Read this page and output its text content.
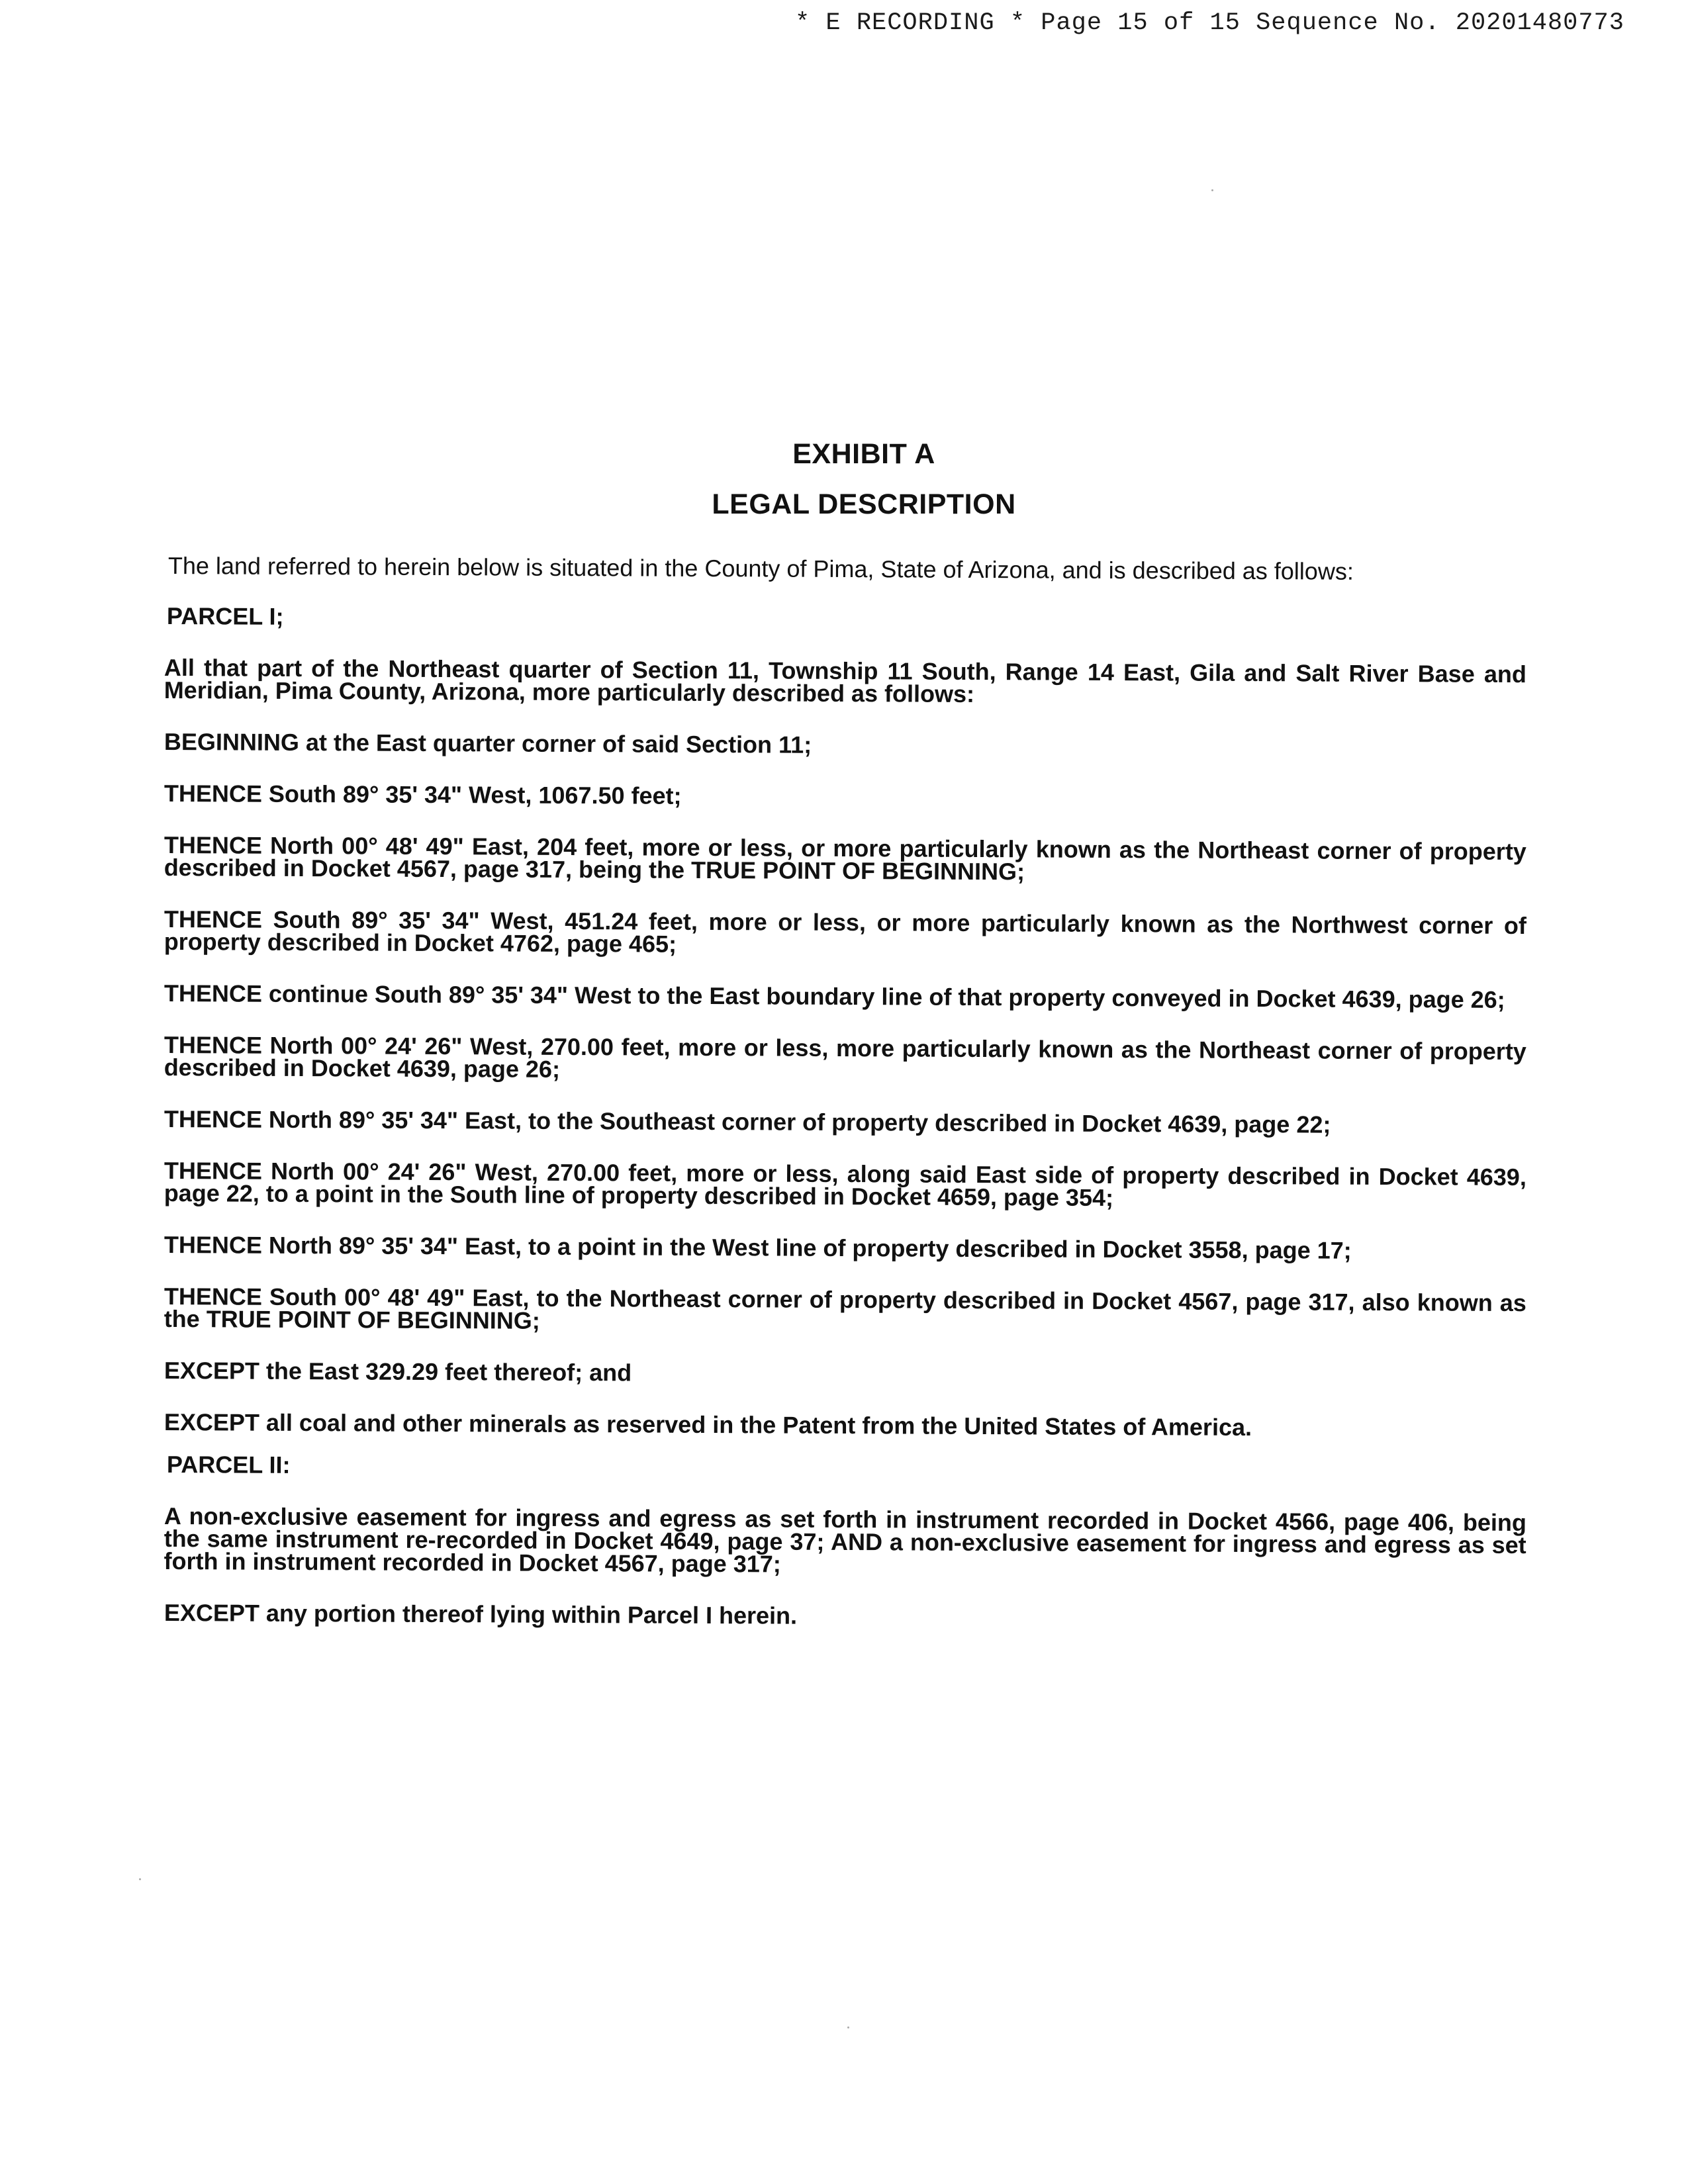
* E RECORDING * Page 15 of 15 Sequence No. 20201480773
EXHIBIT A
LEGAL DESCRIPTION
The land referred to herein below is situated in the County of Pima, State of Arizona, and is described as follows:
PARCEL I;
All that part of the Northeast quarter of Section 11, Township 11 South, Range 14 East, Gila and Salt River Base and Meridian, Pima County, Arizona, more particularly described as follows:
BEGINNING at the East quarter corner of said Section 11;
THENCE South 89° 35' 34" West, 1067.50 feet;
THENCE North 00° 48' 49" East, 204 feet, more or less, or more particularly known as the Northeast corner of property described in Docket 4567, page 317, being the TRUE POINT OF BEGINNING;
THENCE South 89° 35' 34" West, 451.24 feet, more or less, or more particularly known as the Northwest corner of property described in Docket 4762, page 465;
THENCE continue South 89° 35' 34" West to the East boundary line of that property conveyed in Docket 4639, page 26;
THENCE North 00° 24' 26" West, 270.00 feet, more or less, more particularly known as the Northeast corner of property described in Docket 4639, page 26;
THENCE North 89° 35' 34" East, to the Southeast corner of property described in Docket 4639, page 22;
THENCE North 00° 24' 26" West, 270.00 feet, more or less, along said East side of property described in Docket 4639, page 22, to a point in the South line of property described in Docket 4659, page 354;
THENCE North 89° 35' 34" East, to a point in the West line of property described in Docket 3558, page 17;
THENCE South 00° 48' 49" East, to the Northeast corner of property described in Docket 4567, page 317, also known as the TRUE POINT OF BEGINNING;
EXCEPT the East 329.29 feet thereof; and
EXCEPT all coal and other minerals as reserved in the Patent from the United States of America.
PARCEL II:
A non-exclusive easement for ingress and egress as set forth in instrument recorded in Docket 4566, page 406, being the same instrument re-recorded in Docket 4649, page 37; AND a non-exclusive easement for ingress and egress as set forth in instrument recorded in Docket 4567, page 317;
EXCEPT any portion thereof lying within Parcel I herein.
